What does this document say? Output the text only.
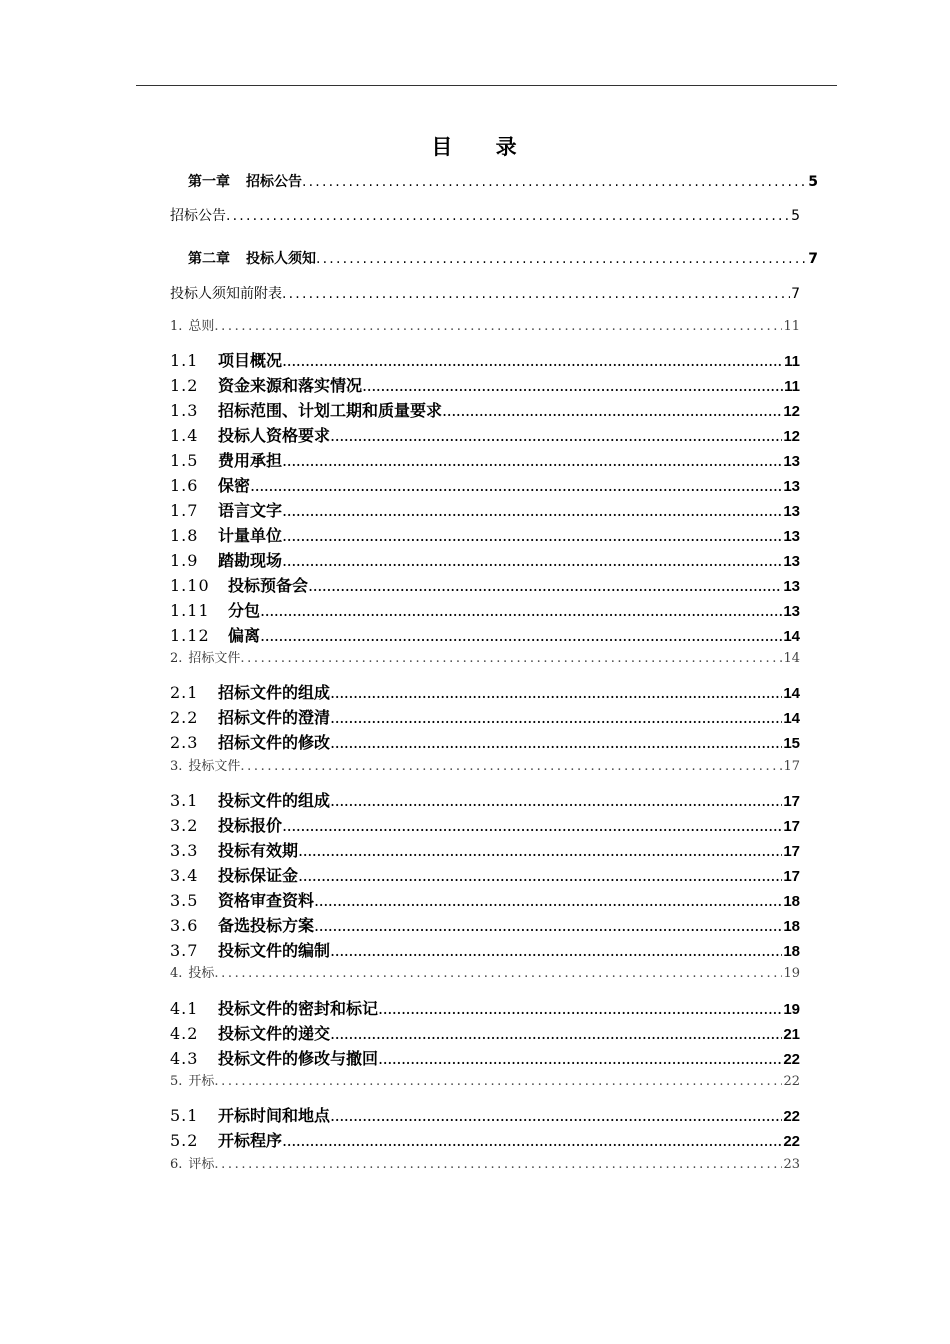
目 录
第一章 招标公告 .....	5
招标公告 .....	5
第二章 投标人须知 .....	7
投标人须知前附表 .....	7
1. 总则 .....	11
1.1	项目概况 .....	11
1.2	资金来源和落实情况 .....	11
1.3	招标范围、计划工期和质量要求 .....	12
1.4	投标人资格要求 .....	12
1.5	费用承担 .....	13
1.6	保密 .....	13
1.7	语言文字 .....	13
1.8	计量单位 .....	13
1.9	踏勘现场 .....	13
1.10	投标预备会 .....	13
1.11	分包 .....	13
1.12	偏离 .....	14
2. 招标文件 .....	14
2.1	招标文件的组成 .....	14
2.2	招标文件的澄清 .....	14
2.3	招标文件的修改 .....	15
3. 投标文件 .....	17
3.1	投标文件的组成 .....	17
3.2	投标报价 .....	17
3.3	投标有效期 .....	17
3.4	投标保证金 .....	17
3.5	资格审查资料 .....	18
3.6	备选投标方案 .....	18
3.7	投标文件的编制 .....	18
4. 投标 .....	19
4.1	投标文件的密封和标记 .....	19
4.2	投标文件的递交 .....	21
4.3	投标文件的修改与撤回 .....	22
5. 开标 .....	22
5.1	开标时间和地点 .....	22
5.2	开标程序 .....	22
6. 评标 .....	23
